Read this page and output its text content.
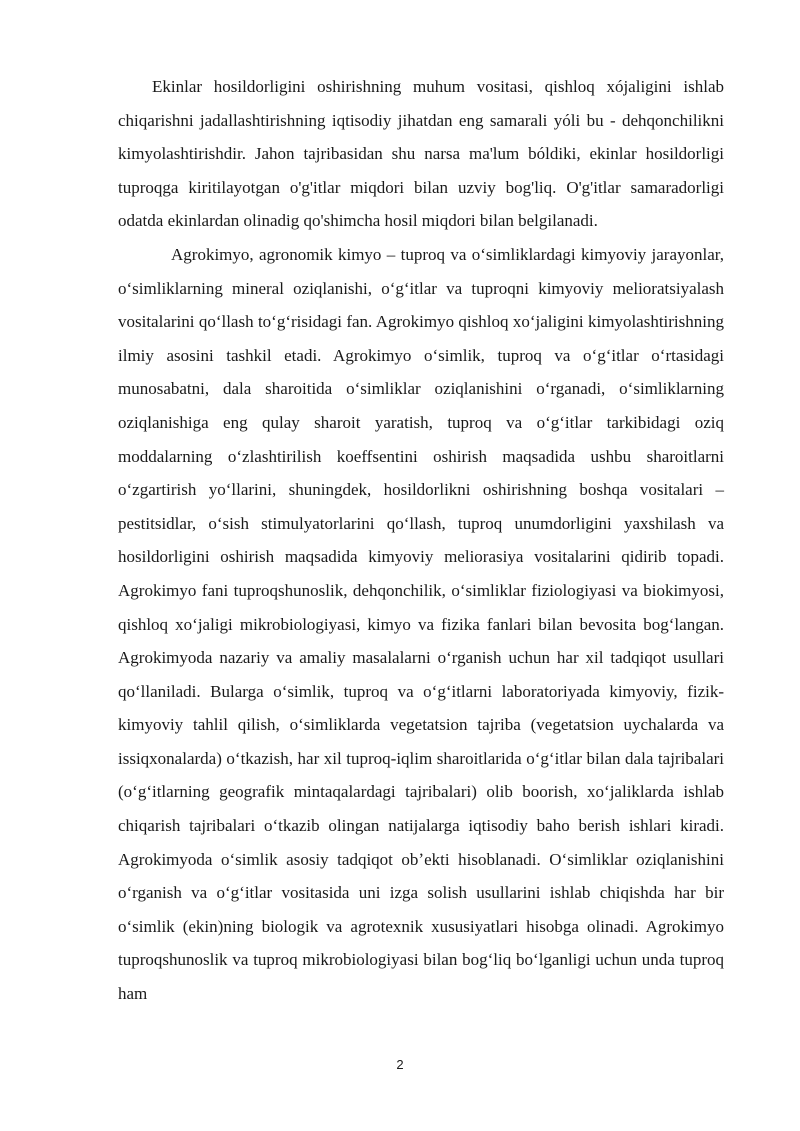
Ekinlar hosildorligini oshirishning muhum vositasi, qishloq xójaligini ishlab chiqarishni jadallashtirishning iqtisodiy jihatdan eng samarali yóli bu - dehqonchilikni kimyolashtirishdir. Jahon tajribasidan shu narsa ma'lum bóldiki, ekinlar hosildorligi tuproqga kiritilayotgan o'g'itlar miqdori bilan uzviy bog'liq. O'g'itlar samaradorligi odatda ekinlardan olinadig qo'shimcha hosil miqdori bilan belgilanadi.

Agrokimyo, agronomik kimyo – tuproq va oʻsimliklardagi kimyoviy jarayonlar, oʻsimliklarning mineral oziqlanishi, oʻgʻitlar va tuproqni kimyoviy melioratsiyalash vositalarini qoʻllash toʻgʻrisidagi fan. Agrokimyo qishloq xoʻjaligini kimyolashtirishning ilmiy asosini tashkil etadi. Agrokimyo oʻsimlik, tuproq va oʻgʻitlar oʻrtasidagi munosabatni, dala sharoitida oʻsimliklar oziqlanishini oʻrganadi, oʻsimliklarning oziqlanishiga eng qulay sharoit yaratish, tuproq va oʻgʻitlar tarkibidagi oziq moddalarning oʻzlashtirilish koeffsentini oshirish maqsadida ushbu sharoitlarni oʻzgartirish yoʻllarini, shuningdek, hosildorlikni oshirishning boshqa vositalari – pestitsidlar, oʻsish stimulyatorlarini qoʻllash, tuproq unumdorligini yaxshilash va hosildorligini oshirish maqsadida kimyoviy meliorasiya vositalarini qidirib topadi. Agrokimyo fani tuproqshunoslik, dehqonchilik, oʻsimliklar fiziologiyasi va biokimyosi, qishloq xoʻjaligi mikrobiologiyasi, kimyo va fizika fanlari bilan bevosita bogʻlangan. Agrokimyoda nazariy va amaliy masalalarni oʻrganish uchun har xil tadqiqot usullari qoʻllaniladi. Bularga oʻsimlik, tuproq va oʻgʻitlarni laboratoriyada kimyoviy, fizik-kimyoviy tahlil qilish, oʻsimliklarda vegetatsion tajriba (vegetatsion uychalarda va issiqxonalarda) oʻtkazish, har xil tuproq-iqlim sharoitlarida oʻgʻitlar bilan dala tajribalari (oʻgʻitlarning geografik mintaqalardagi tajribalari) olib boorish, xoʻjaliklarda ishlab chiqarish tajribalari oʻtkazib olingan natijalarga iqtisodiy baho berish ishlari kiradi. Agrokimyoda oʻsimlik asosiy tadqiqot obʼekti hisoblanadi. Oʻsimliklar oziqlanishini oʻrganish va oʻgʻitlar vositasida uni izga solish usullarini ishlab chiqishda har bir oʻsimlik (ekin)ning biologik va agrotexnik xususiyatlari hisobga olinadi. Agrokimyo tuproqshunoslik va tuproq mikrobiologiyasi bilan bogʻliq boʻlganligi uchun unda tuproq ham

2
